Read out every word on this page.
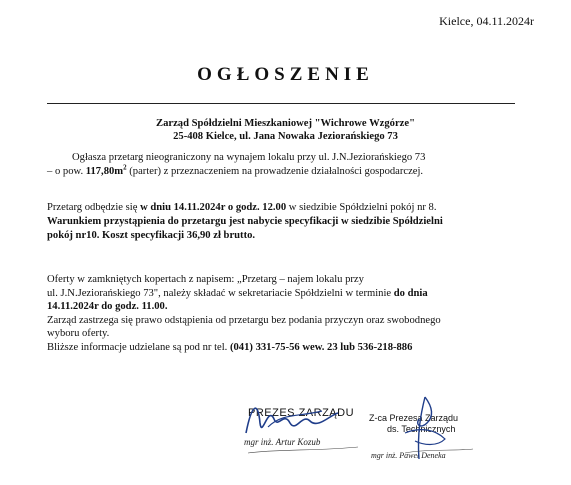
Kielce, 04.11.2024r
OGŁOSZENIE
Zarząd Spółdzielni Mieszkaniowej "Wichrowe Wzgórze"
25-408 Kielce, ul. Jana Nowaka Jeziorańskiego 73
Ogłasza przetarg nieograniczony na wynajem lokalu przy ul. J.N.Jeziorańskiego 73
– o pow. $117,80m^2$ (parter) z przeznaczeniem na prowadzenie działalności gospodarczej.
Przetarg odbędzie się w dniu 14.11.2024r o godz. 12.00 w siedzibie Spółdzielni pokój nr 8.
Warunkiem przystąpienia do przetargu jest nabycie specyfikacji w siedzibie Spółdzielni
pokój nr10. Koszt specyfikacji 36,90 zł brutto.
Oferty w zamkniętych kopertach z napisem: „Przetarg – najem lokalu przy
ul. J.N.Jeziorańskiego 73", należy składać w sekretariacie Spółdzielni w terminie do dnia
14.11.2024r do godz. 11.00.
Zarząd zastrzega się prawo odstąpienia od przetargu bez podania przyczyn oraz swobodnego
wyboru oferty.
Bliższe informacje udzielane są pod nr tel. (041) 331-75-56 wew. 23 lub 536-218-886
PREZES ZARZĄDU
mgr inż. Artur Kozub
Z-ca Prezesa Zarządu
ds. Technicznych
mgr inż. Paweł Deneka
